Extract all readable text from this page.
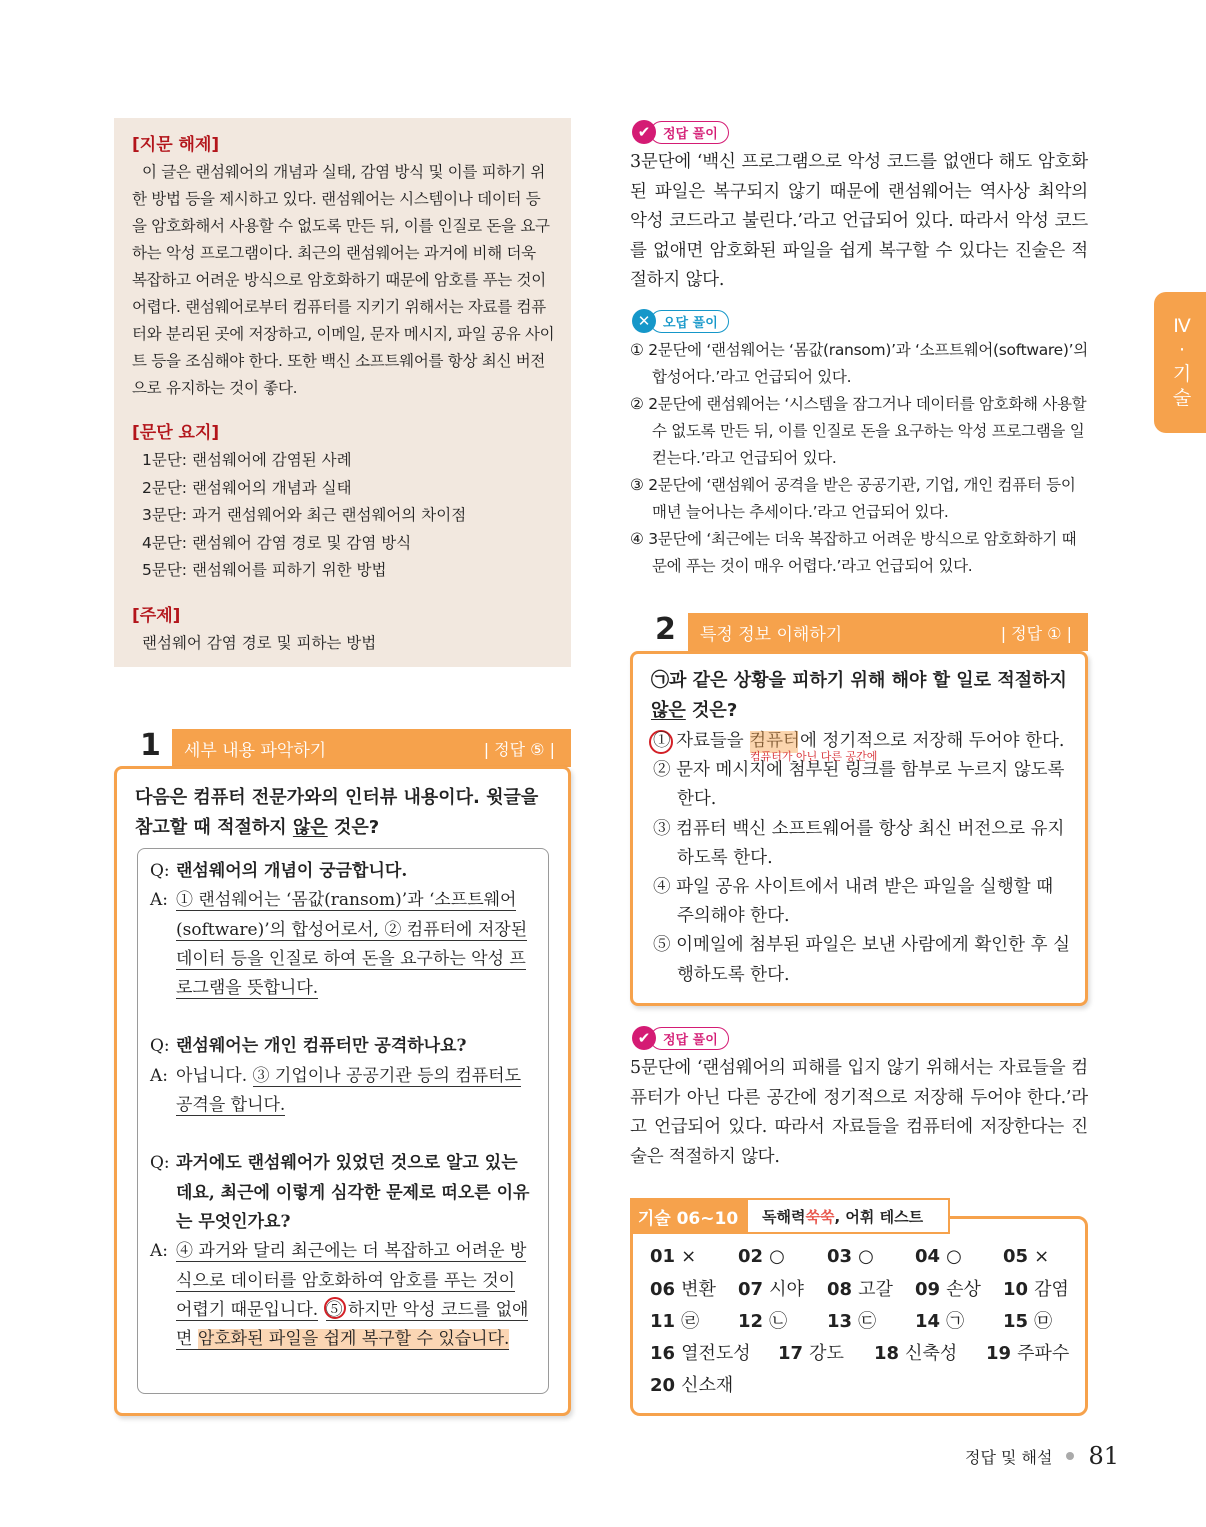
[지문 해제]

이 글은 랜섬웨어의 개념과 실태, 감염 방식 및 이를 피하기 위한 방법 등을 제시하고 있다. 랜섬웨어는 시스템이나 데이터 등을 암호화해서 사용할 수 없도록 만든 뒤, 이를 인질로 돈을 요구하는 악성 프로그램이다. 최근의 랜섬웨어는 과거에 비해 더욱 복잡하고 어려운 방식으로 암호화하기 때문에 암호를 푸는 것이 어렵다. 랜섬웨어로부터 컴퓨터를 지키기 위해서는 자료를 컴퓨터와 분리된 곳에 저장하고, 이메일, 문자 메시지, 파일 공유 사이트 등을 조심해야 한다. 또한 백신 소프트웨어를 항상 최신 버전으로 유지하는 것이 좋다.

[문단 요지]
1문단: 랜섬웨어에 감염된 사례
2문단: 랜섬웨어의 개념과 실태
3문단: 과거 랜섬웨어와 최근 랜섬웨어의 차이점
4문단: 랜섬웨어 감염 경로 및 감염 방식
5문단: 랜섬웨어를 피하기 위한 방법
[주제]
랜섬웨어 감염 경로 및 피하는 방법
1 세부 내용 파악하기	| 정답 ⑤ |
다음은 컴퓨터 전문가와의 인터뷰 내용이다. 윗글을 참고할 때 적절하지 않은 것은?
Q: 랜섬웨어의 개념이 궁금합니다.
A: ① 랜섬웨어는 ‘몸값(ransom)’과 ‘소프트웨어(software)’의 합성어로서, ② 컴퓨터에 저장된 데이터 등을 인질로 하여 돈을 요구하는 악성 프로그램을 뜻합니다.
Q: 랜섬웨어는 개인 컴퓨터만 공격하나요?
A: 아닙니다. ③ 기업이나 공공기관 등의 컴퓨터도 공격을 합니다.
Q: 과거에도 랜섬웨어가 있었던 것으로 알고 있는데요, 최근에 이렇게 심각한 문제로 떠오른 이유는 무엇인가요?
A: ④ 과거와 달리 최근에는 더 복잡하고 어려운 방식으로 데이터를 암호화하여 암호를 푸는 것이 어렵기 때문입니다. ⑤ 하지만 악성 코드를 없애면 암호화된 파일을 쉽게 복구할 수 있습니다.
✔ 정답 풀이
3문단에 ‘백신 프로그램으로 악성 코드를 없앤다 해도 암호화된 파일은 복구되지 않기 때문에 랜섬웨어는 역사상 최악의 악성 코드라고 불린다.’라고 언급되어 있다. 따라서 악성 코드를 없애면 암호화된 파일을 쉽게 복구할 수 있다는 진술은 적절하지 않다.
✕ 오답 풀이
① 2문단에 ‘랜섬웨어는 ‘몸값(ransom)’과 ‘소프트웨어(software)’의 합성어다.’라고 언급되어 있다.
② 2문단에 랜섬웨어는 ‘시스템을 잠그거나 데이터를 암호화해 사용할 수 없도록 만든 뒤, 이를 인질로 돈을 요구하는 악성 프로그램을 일컫는다.’라고 언급되어 있다.
③ 2문단에 ‘랜섬웨어 공격을 받은 공공기관, 기업, 개인 컴퓨터 등이 매년 늘어나는 추세이다.’라고 언급되어 있다.
④ 3문단에 ‘최근에는 더욱 복잡하고 어려운 방식으로 암호화하기 때문에 푸는 것이 매우 어렵다.’라고 언급되어 있다.
2 특정 정보 이해하기	| 정답 ① |
㉠과 같은 상황을 피하기 위해 해야 할 일로 적절하지 않은 것은?
① 자료들을 컴퓨터에 정기적으로 저장해 두어야 한다.
② 문자 메시지에 첨부된 링크를 함부로 누르지 않도록 한다.
③ 컴퓨터 백신 소프트웨어를 항상 최신 버전으로 유지하도록 한다.
④ 파일 공유 사이트에서 내려 받은 파일을 실행할 때 주의해야 한다.
⑤ 이메일에 첨부된 파일은 보낸 사람에게 확인한 후 실행하도록 한다.
컴퓨터가 아닌 다른 공간에
✔ 정답 풀이
5문단에 ‘랜섬웨어의 피해를 입지 않기 위해서는 자료들을 컴퓨터가 아닌 다른 공간에 정기적으로 저장해 두어야 한다.’라고 언급되어 있다. 따라서 자료들을 컴퓨터에 저장한다는 진술은 적절하지 않다.
Ⅳ
·
기
술
기술 06~10	독해력 쑥쑥 , 어휘 테스트
01 ×	02 ○	03 ○	04 ○	05 ×
06 변환	07 시야	08 고갈	09 손상	10 감염
11 ㉣	12 ㉡	13 ㉢	14 ㉠	15 ㉤
16 열전도성	17 강도	18 신축성	19 주파수
20 신소재
정답 및 해설 81
